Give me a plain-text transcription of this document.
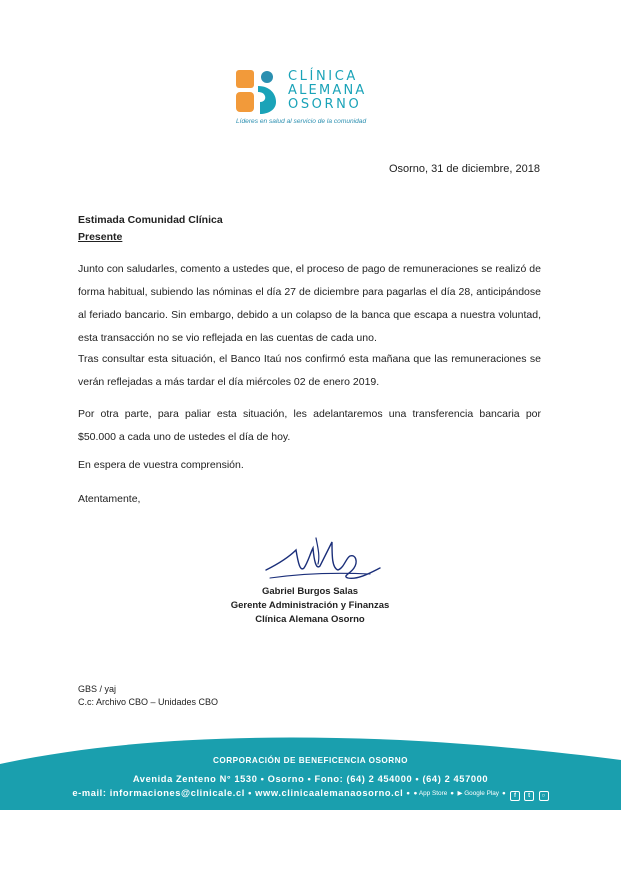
CLÍNICA
ALEMANA
OSORNO
Líderes en salud al servicio de la comunidad
Osorno, 31 de diciembre, 2018
Estimada Comunidad Clínica
Presente

Junto con saludarles, comento a ustedes que, el proceso de pago de remuneraciones se realizó de forma habitual, subiendo las nóminas el día 27 de diciembre para pagarlas el día 28, anticipándose al feriado bancario. Sin embargo, debido a un colapso de la banca que escapa a nuestra voluntad, esta transacción no se vio reflejada en las cuentas de cada uno.

Tras consultar esta situación, el Banco Itaú nos confirmó esta mañana que las remuneraciones se verán reflejadas a más tardar el día miércoles 02 de enero 2019.

Por otra parte, para paliar esta situación, les adelantaremos una transferencia bancaria por $50.000 a cada uno de ustedes el día de hoy.

En espera de vuestra comprensión.

Atentamente,

Gabriel Burgos Salas
Gerente Administración y Finanzas
Clínica Alemana Osorno
GBS / yaj
C.c: Archivo CBO – Unidades CBO
CORPORACIÓN DE BENEFICENCIA OSORNO
Avenida Zenteno N° 1530 • Osorno • Fono: (64) 2 454000 • (64) 2 457000
e-mail: informaciones@clinicale.cl • www.clinicaalemanaosorno.cl • ● App Store • ▶ Google Play • f t ○
